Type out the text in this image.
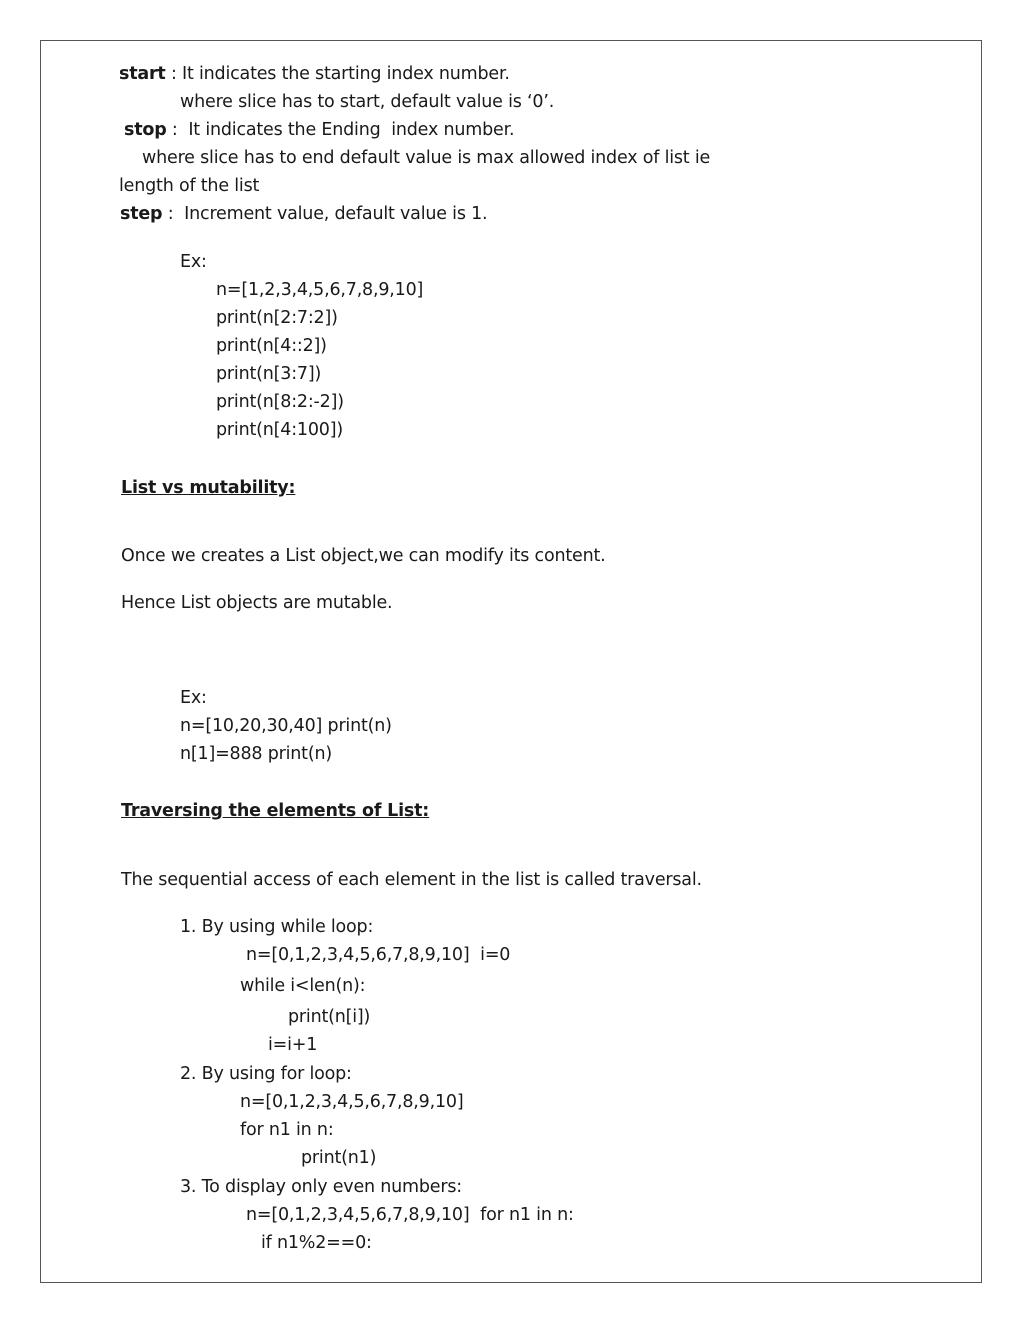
start : It indicates the starting index number.
where slice has to start, default value is ‘0’.
stop :  It indicates the Ending  index number.
where slice has to end default value is max allowed index of list ie
length of the list
step :  Increment value, default value is 1.
Ex:
n=[1,2,3,4,5,6,7,8,9,10]
print(n[2:7:2])
print(n[4::2])
print(n[3:7])
print(n[8:2:-2])
print(n[4:100])
List vs mutability:
Once we creates a List object,we can modify its content.
Hence List objects are mutable.
Ex:
n=[10,20,30,40] print(n)
n[1]=888 print(n)
Traversing the elements of List:
The sequential access of each element in the list is called traversal.
1. By using while loop:
n=[0,1,2,3,4,5,6,7,8,9,10]  i=0
while i<len(n):
print(n[i])
i=i+1
2. By using for loop:
n=[0,1,2,3,4,5,6,7,8,9,10]
for n1 in n:
print(n1)
3. To display only even numbers:
n=[0,1,2,3,4,5,6,7,8,9,10]  for n1 in n:
if n1%2==0:
